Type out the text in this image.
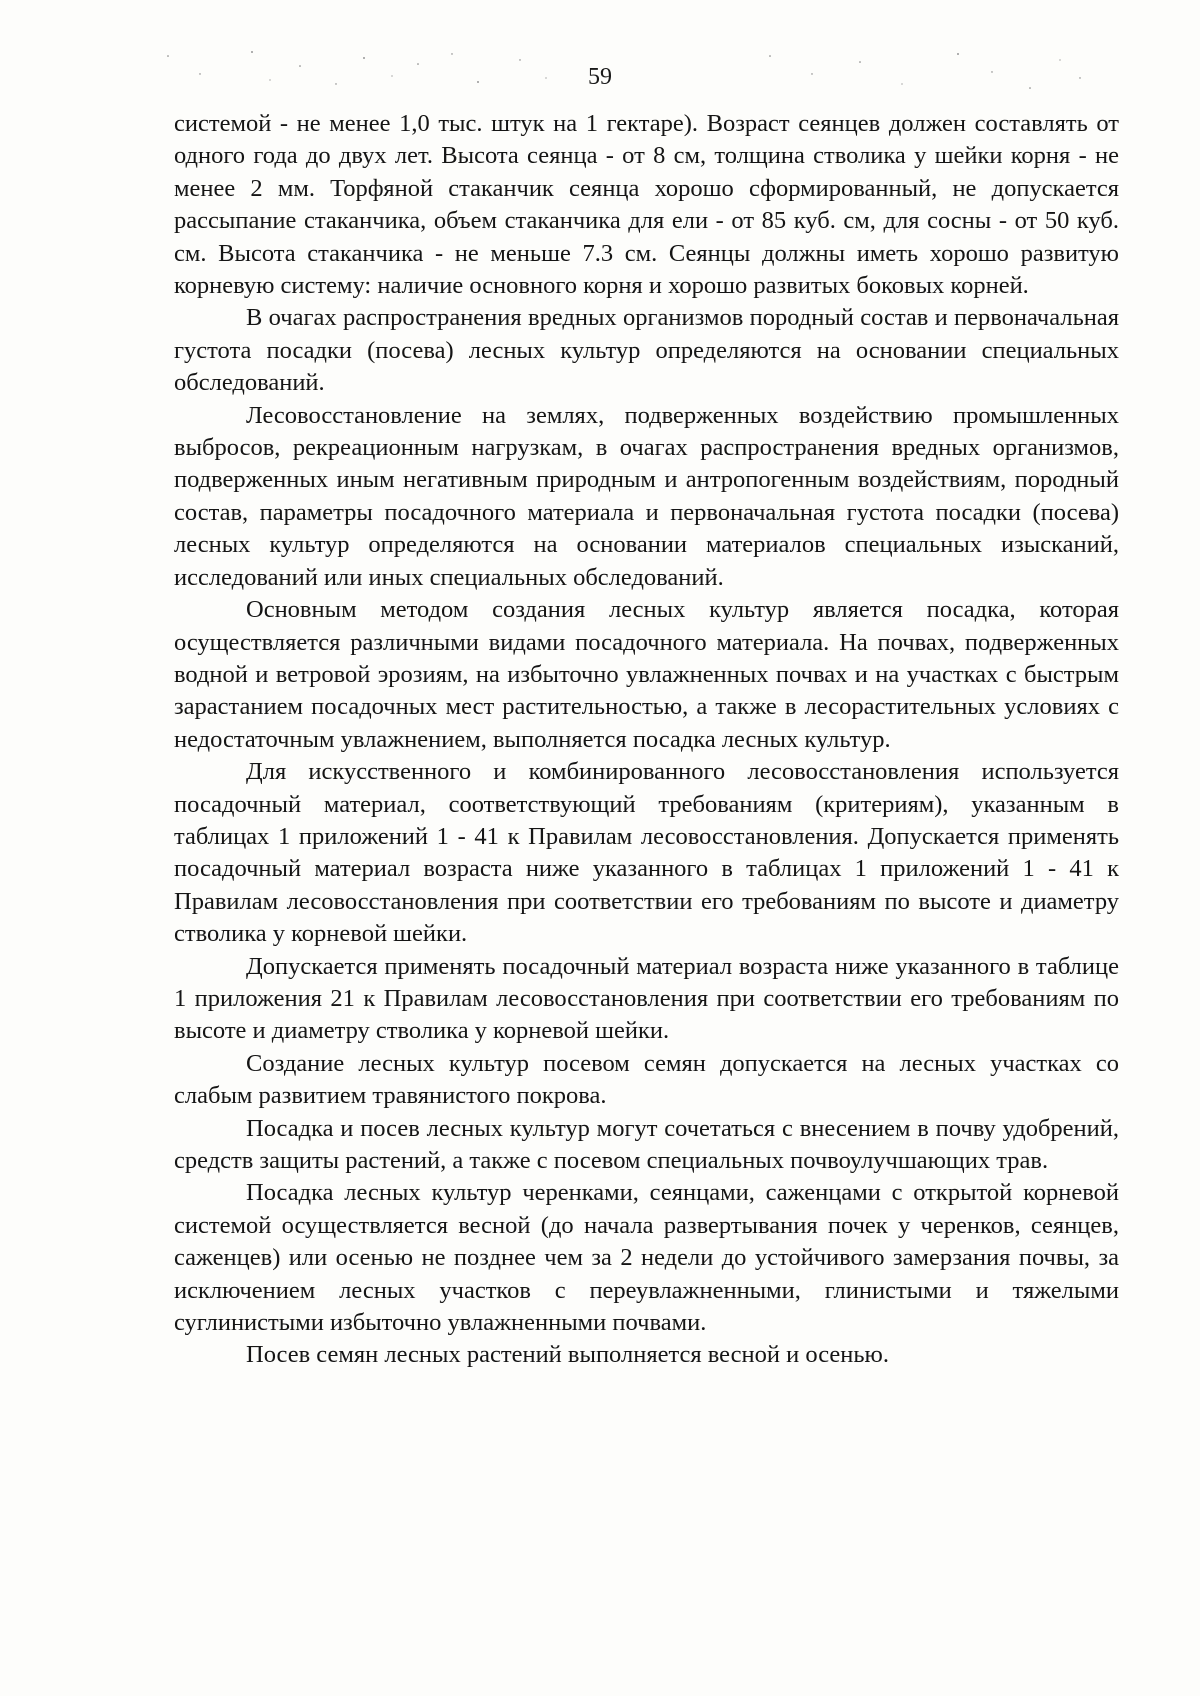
59

системой - не менее 1,0 тыс. штук на 1 гектаре). Возраст сеянцев должен составлять от одного года до двух лет. Высота сеянца - от 8 см, толщина стволика у шейки корня - не менее 2 мм. Торфяной стаканчик сеянца хорошо сформированный, не допускается рассыпание стаканчика, объем стаканчика для ели - от 85 куб. см, для сосны - от 50 куб. см. Высота стаканчика - не меньше 7.3 см. Сеянцы должны иметь хорошо развитую корневую систему: наличие основного корня и хорошо развитых боковых корней.

В очагах распространения вредных организмов породный состав и первоначальная густота посадки (посева) лесных культур определяются на основании специальных обследований.

Лесовосстановление на землях, подверженных воздействию промышленных выбросов, рекреационным нагрузкам, в очагах распространения вредных организмов, подверженных иным негативным природным и антропогенным воздействиям, породный состав, параметры посадочного материала и первоначальная густота посадки (посева) лесных культур определяются на основании материалов специальных изысканий, исследований или иных специальных обследований.

Основным методом создания лесных культур является посадка, которая осуществляется различными видами посадочного материала. На почвах, подверженных водной и ветровой эрозиям, на избыточно увлажненных почвах и на участках с быстрым зарастанием посадочных мест растительностью, а также в лесорастительных условиях с недостаточным увлажнением, выполняется посадка лесных культур.

Для искусственного и комбинированного лесовосстановления используется посадочный материал, соответствующий требованиям (критериям), указанным в таблицах 1 приложений 1 - 41 к Правилам лесовосстановления. Допускается применять посадочный материал возраста ниже указанного в таблицах 1 приложений 1 - 41 к Правилам лесовосстановления при соответствии его требованиям по высоте и диаметру стволика у корневой шейки.

Допускается применять посадочный материал возраста ниже указанного в таблице 1 приложения 21 к Правилам лесовосстановления при соответствии его требованиям по высоте и диаметру стволика у корневой шейки.

Создание лесных культур посевом семян допускается на лесных участках со слабым развитием травянистого покрова.

Посадка и посев лесных культур могут сочетаться с внесением в почву удобрений, средств защиты растений, а также с посевом специальных почвоулучшающих трав.

Посадка лесных культур черенками, сеянцами, саженцами с открытой корневой системой осуществляется весной (до начала развертывания почек у черенков, сеянцев, саженцев) или осенью не позднее чем за 2 недели до устойчивого замерзания почвы, за исключением лесных участков с переувлажненными, глинистыми и тяжелыми суглинистыми избыточно увлажненными почвами.

Посев семян лесных растений выполняется весной и осенью.
